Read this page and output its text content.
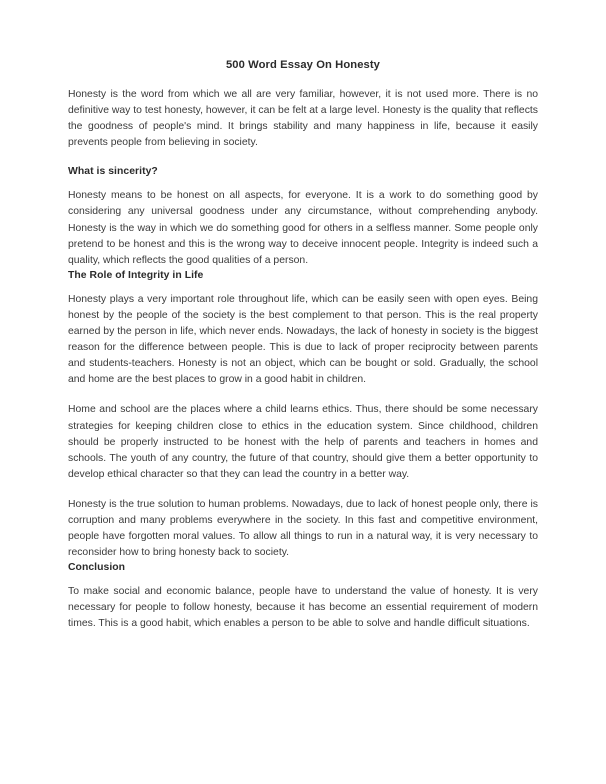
500 Word Essay On Honesty

Honesty is the word from which we all are very familiar, however, it is not used more. There is no definitive way to test honesty, however, it can be felt at a large level. Honesty is the quality that reflects the goodness of people's mind. It brings stability and many happiness in life, because it easily prevents people from believing in society.

What is sincerity?

Honesty means to be honest on all aspects, for everyone. It is a work to do something good by considering any universal goodness under any circumstance, without comprehending anybody. Honesty is the way in which we do something good for others in a selfless manner. Some people only pretend to be honest and this is the wrong way to deceive innocent people. Integrity is indeed such a quality, which reflects the good qualities of a person.

The Role of Integrity in Life

Honesty plays a very important role throughout life, which can be easily seen with open eyes. Being honest by the people of the society is the best complement to that person. This is the real property earned by the person in life, which never ends. Nowadays, the lack of honesty in society is the biggest reason for the difference between people. This is due to lack of proper reciprocity between parents and students-teachers. Honesty is not an object, which can be bought or sold. Gradually, the school and home are the best places to grow in a good habit in children.

Home and school are the places where a child learns ethics. Thus, there should be some necessary strategies for keeping children close to ethics in the education system. Since childhood, children should be properly instructed to be honest with the help of parents and teachers in homes and schools. The youth of any country, the future of that country, should give them a better opportunity to develop ethical character so that they can lead the country in a better way.

Honesty is the true solution to human problems. Nowadays, due to lack of honest people only, there is corruption and many problems everywhere in the society. In this fast and competitive environment, people have forgotten moral values. To allow all things to run in a natural way, it is very necessary to reconsider how to bring honesty back to society.

Conclusion

To make social and economic balance, people have to understand the value of honesty. It is very necessary for people to follow honesty, because it has become an essential requirement of modern times. This is a good habit, which enables a person to be able to solve and handle difficult situations.
